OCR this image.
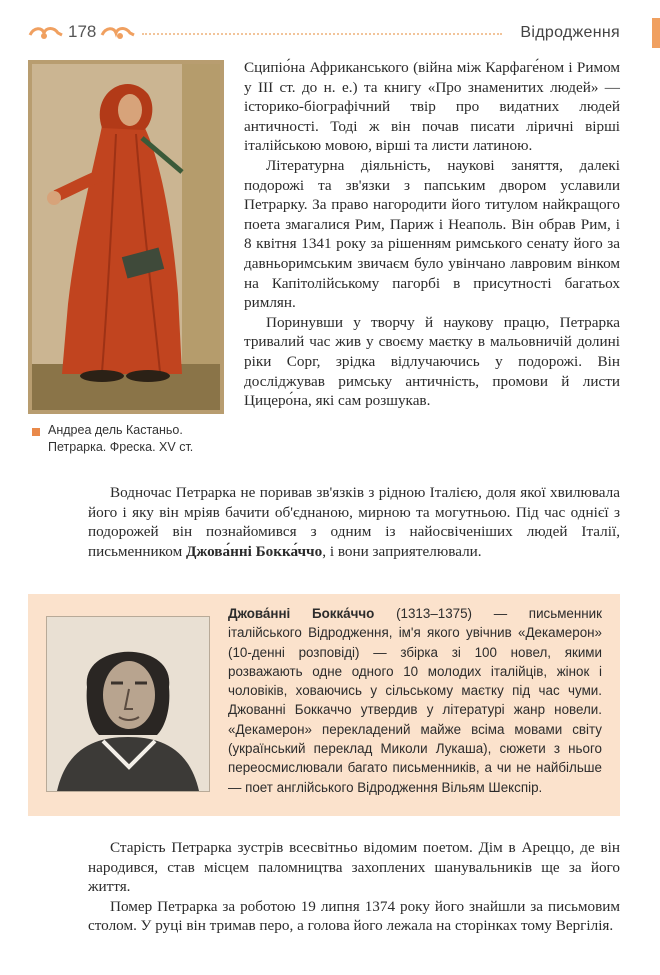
178	Відродження
Андреа дель Кастаньо.
Петрарка. Фреска. XV ст.

Сципіо́на Африканського (війна між Карфаге́ном і Римом у ІІІ ст. до н. е.) та книгу «Про знаменитих людей» — історико-біографічний твір про видатних людей античності. Тоді ж він почав писати ліричні вірші італійською мовою, вірші та листи латиною.

Літературна діяльність, наукові заняття, далекі подорожі та зв'язки з папським двором уславили Петрарку. За право нагородити його титулом найкращого поета змагалися Рим, Париж і Неаполь. Він обрав Рим, і 8 квітня 1341 року за рішенням римського сенату його за давньоримським звичаєм було увінчано лавровим вінком на Капітолійському пагорбі в присутності багатьох римлян.

Поринувши у творчу й наукову працю, Петрарка тривалий час жив у своєму маєтку в мальовничій долині ріки Сорг, зрідка відлучаючись у подорожі. Він досліджував римську античність, промови й листи Цицеро́на, які сам розшукав.

Водночас Петрарка не поривав зв'язків з рідною Італією, доля якої хвилювала його і яку він мріяв бачити об'єднаною, мирною та могутньою. Під час однієї з подорожей він познайомився з одним із найосвіченіших людей Італії, письменником Джова́нні Бокка́ччо, і вони заприятелювали.

Джова́нні Бокка́ччо (1313–1375) — письменник італійського Відродження, ім'я якого увічнив «Декамерон» (10-денні розповіді) — збірка зі 100 новел, якими розважають одне одного 10 молодих італійців, жінок і чоловіків, ховаючись у сільському маєтку під час чуми. Джованні Боккаччо утвердив у літературі жанр новели. «Декамерон» перекладений майже всіма мовами світу (український переклад Миколи Лукаша), сюжети з нього переосмислювали багато письменників, а чи не найбільше — поет англійського Відродження Вільям Шекспір.

Старість Петрарка зустрів всесвітньо відомим поетом. Дім в Ареццо, де він народився, став місцем паломництва захоплених шанувальників ще за його життя.

Помер Петрарка за роботою 19 липня 1374 року його знайшли за письмовим столом. У руці він тримав перо, а голова його лежала на сторінках тому Вергілія.
